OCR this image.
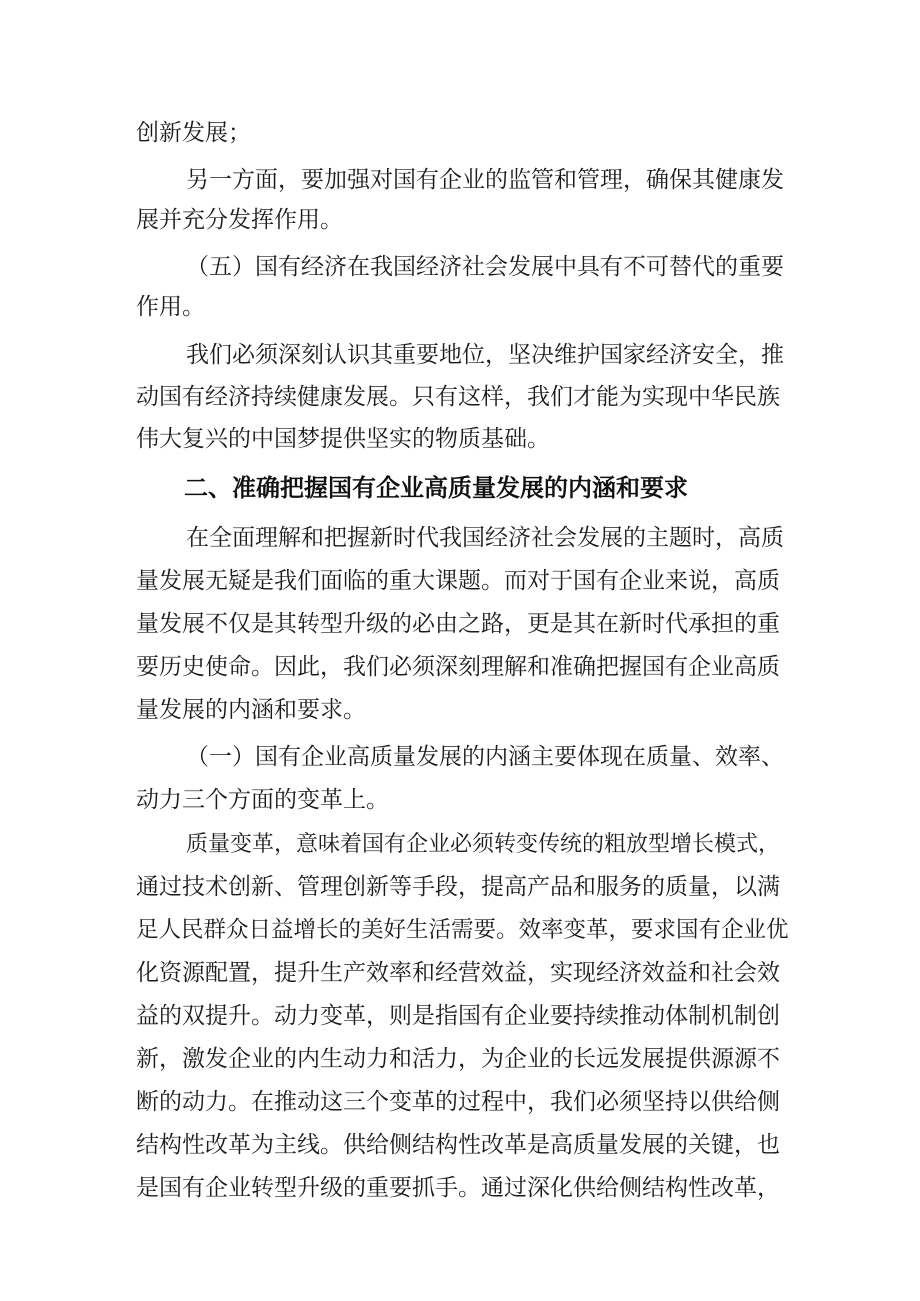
创新发展；

另一方面，要加强对国有企业的监管和管理，确保其健康发

展并充分发挥作用。

（五）国有经济在我国经济社会发展中具有不可替代的重要

作用。

我们必须深刻认识其重要地位，坚决维护国家经济安全，推

动国有经济持续健康发展。只有这样，我们才能为实现中华民族

伟大复兴的中国梦提供坚实的物质基础。

二、准确把握国有企业高质量发展的内涵和要求

在全面理解和把握新时代我国经济社会发展的主题时，高质

量发展无疑是我们面临的重大课题。而对于国有企业来说，高质

量发展不仅是其转型升级的必由之路，更是其在新时代承担的重

要历史使命。因此，我们必须深刻理解和准确把握国有企业高质

量发展的内涵和要求。

（一）国有企业高质量发展的内涵主要体现在质量、效率、

动力三个方面的变革上。

质量变革，意味着国有企业必须转变传统的粗放型增长模式，

通过技术创新、管理创新等手段，提高产品和服务的质量，以满

足人民群众日益增长的美好生活需要。效率变革，要求国有企业优

化资源配置，提升生产效率和经营效益，实现经济效益和社会效

益的双提升。动力变革，则是指国有企业要持续推动体制机制创

新，激发企业的内生动力和活力，为企业的长远发展提供源源不

断的动力。在推动这三个变革的过程中，我们必须坚持以供给侧

结构性改革为主线。供给侧结构性改革是高质量发展的关键，也

是国有企业转型升级的重要抓手。通过深化供给侧结构性改革，
